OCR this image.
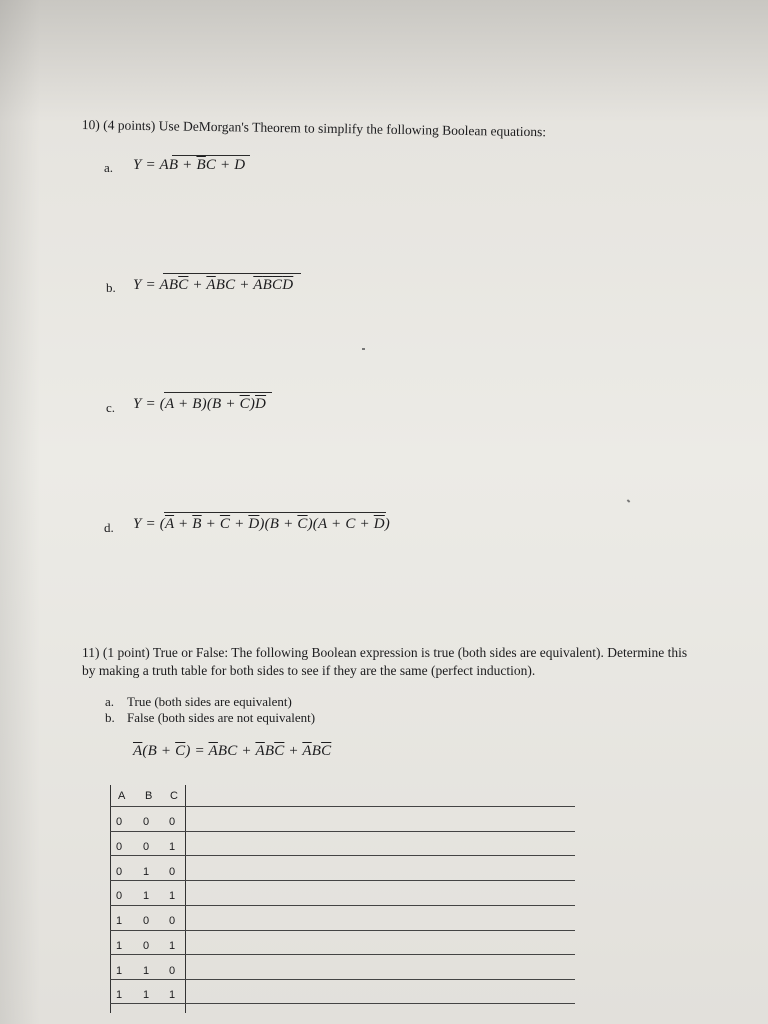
10) (4 points) Use DeMorgan's Theorem to simplify the following Boolean equations:
a. Y = AB + $\overline{B}C + D$
b. $Y = AB\overline{C} + \overline{A}BC + \overline{A}\overline{B}\overline{C}\overline{D}$
c. $Y = (A + B)(B + \overline{C})\overline{D}$
d. $Y = (\overline{A} + \overline{B} + \overline{C} + \overline{D})(B + \overline{C})(A + C + \overline{D})$
11) (1 point) True or False: The following Boolean expression is true (both sides are equivalent). Determine this
by making a truth table for both sides to see if they are the same (perfect induction).
a. True (both sides are equivalent)
b. False (both sides are not equivalent)
$\overline{A}(B + \overline{C}) = \overline{A}BC + \overline{A}B\overline{C} + \overline{A}B\overline{C}$
A B C
0 0 0
0 0 1
0 1 0
0 1 1
1 0 0
1 0 1
1 1 0
1 1 1
